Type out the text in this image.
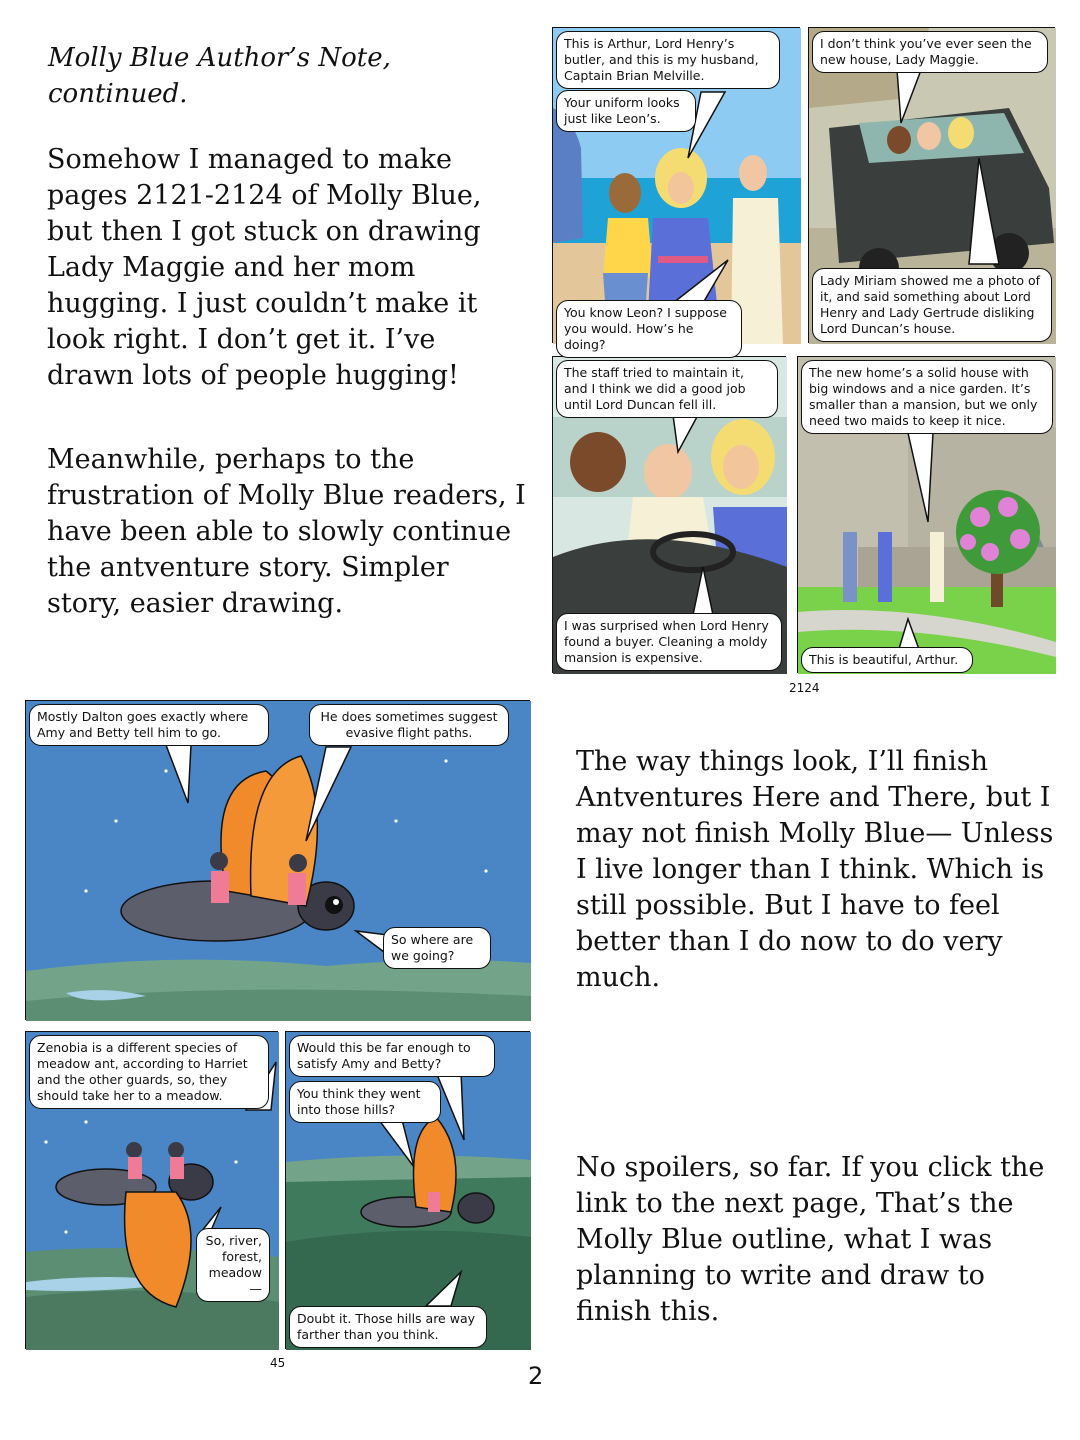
Molly Blue Author’s Note, continued.

Somehow I managed to make pages 2121-2124 of Molly Blue, but then I got stuck on drawing Lady Maggie and her mom hugging. I just couldn’t make it look right. I don’t get it. I’ve drawn lots of people hugging!

Meanwhile, perhaps to the frustration of Molly Blue readers, I have been able to slowly continue the antventure story. Simpler story, easier drawing.

The way things look, I’ll finish Antventures Here and There, but I may not finish Molly Blue— Unless I live longer than I think. Which is still possible. But I have to feel better than I do now to do very much.

No spoilers, so far. If you click the link to the next page, That’s the Molly Blue outline, what I was planning to write and draw to finish this.

This is Arthur, Lord Henry’s butler, and this is my husband, Captain Brian Melville.
Your uniform looks just like Leon’s.
You know Leon? I suppose you would. How’s he doing?
I don’t think you’ve ever seen the new house, Lady Maggie.
Lady Miriam showed me a photo of it, and said something about Lord Henry and Lady Gertrude disliking Lord Duncan’s house.
The staff tried to maintain it, and I think we did a good job until Lord Duncan fell ill.
I was surprised when Lord Henry found a buyer. Cleaning a moldy mansion is expensive.
The new home’s a solid house with big windows and a nice garden. It’s smaller than a mansion, but we only need two maids to keep it nice.
This is beautiful, Arthur.
2124
Mostly Dalton goes exactly where Amy and Betty tell him to go.
He does sometimes suggest evasive flight paths.
So where are we going?
Zenobia is a different species of meadow ant, according to Harriet and the other guards, so, they should take her to a meadow.
So, river, forest, meadow—
Would this be far enough to satisfy Amy and Betty?
You think they went into those hills?
Doubt it. Those hills are way farther than you think.
45	2
